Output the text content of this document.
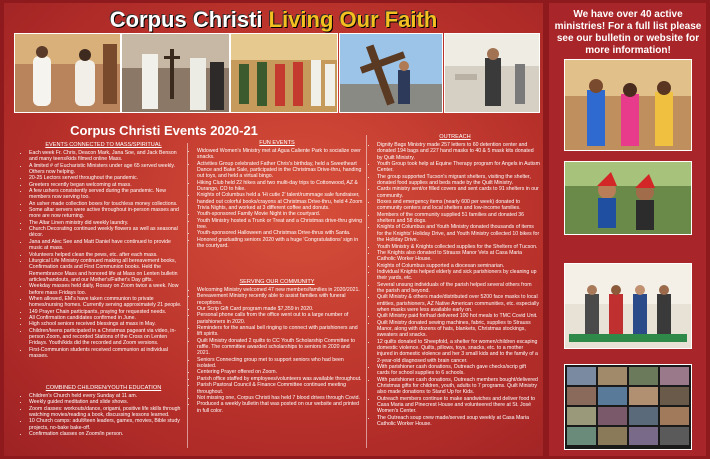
Corpus Christi Living Our Faith
Corpus Christi Events 2020-21
EVENTS CONNECTED TO MASS/SPIRITUAL
• Each week Fr. Chris, Deacon Mark, Jana Soe, and Jack Benson and many teens/kids filmed online Mass.
• A limited # of Eucharistic Ministers under age 65 served weekly. Others now helping.
• 20-25 Lectors served throughout the pandemic.
• Greeters recently began welcoming at mass.
• A few ushers consistently served during the pandemic. New members now serving too.
• An usher made collection boxes for touchless money collections.
• Some altar servers were active throughout in-person masses and more are now returning.
• The Altar Linen ministry did weekly laundry.
• Church Decorating continued weekly flowers as well as seasonal décor.
• Jana and Alec See and Matt Daniel have continued to provide music at mass.
• Volunteers helped clean the pews, etc. after each mass.
• Liturgical Life Ministry continued making all bereavement books, Confirmation cards and First Communion books. Held the Remembrance Mass and honored life at Mass on Lenten bulletin articles/handouts, and our Mother's/Father's Day gifts.
• Weekday masses held daily, Rosary on Zoom twice a week. Now before mass Fridays too.
• When allowed, EM's have taken communion to private homes/nursing homes. Currently serving approximately 21 people.
• 149 Prayer Chain participants, praying for requested needs.
• All Confirmation candidates confirmed in June.
• High school seniors received blessings at mass in May.
• Children/teens participated in a Christmas pageant via video, in-person Zoom, and recorded Stations of the Cross on Lenten Fridays. Youth/kids did the recorded and Zoom versions.
• First-Communion students received communion at individual masses.
COMBINED CHILDREN/YOUTH EDUCATION
• Children's Church held every Sunday at 11 am.
• Weekly guided meditation and slide shows.
• Zoom classes: workouts/dance, origami, positive life skills through watching movies/reading a book, discussing lessons learned.
• 10 Church camps: adult/teen leaders, games, movies, Bible study projects, no-bake bake-off.
• Confirmation classes on Zoom/in person.
FUN EVENTS
• Widowed Women's Ministry met at Agua Caliente Park to socialize over snacks.
• Activities Group celebrated Father Chris's birthday, held a Sweetheart Dance and Bake Sale, participated in the Christmas Drive-thru, handing out toys, and held a virtual bingo.
• Hiking Club held 22 hikes and two multi-day trips to Cottonwood, AZ & Durango, CO to hike.
• Knights of Columbus held a 'Hi cutie 2' talent/rummage sale fundraiser, handed out colorful books/crayons at Christmas Drive-thru, held 4 Zoom Trivia Nights, and worked at 3 different coffee and donuts.
• Youth-sponsored Family Movie Night in the courtyard.
• Youth Ministry hosted a Trunk or Treat and a Christmas drive-thru giving tree.
• Youth-sponsored Halloween and Christmas Drive-thrus with Santa.
• Honored graduating seniors 2020 with a huge 'Congratulations' sign in the courtyard.
SERVING OUR COMMUNITY
• Welcoming Ministry welcomed 47 new members/families in 2020/2021.
• Bereavement Ministry recently able to assist families with funeral receptions.
• Our Scrip Gift Card program made $7,359 in 2020.
• Personal phone calls from the office went out to a large number of parishioners in 2020.
• Reminders for the annual bell ringing to connect with parishioners and lift spirits.
• Quilt Ministry donated 2 quilts to CC Youth Scholarship Committee to raffle. The committee awarded scholarships to seniors in 2020 and 2021.
• Seniors Connecting group met to support seniors who had been isolated.
• Centering Prayer offered on Zoom.
• Parish office staffed by employees/volunteers was available throughout.
• Parish Pastoral Council & Finance Committee continued meeting throughout.
• Not missing one, Corpus Christi has held 7 blood drives through Covid.
• Produced a weekly bulletin that was posted on our website and printed in full color.
OUTREACH
• Dignity Bags Ministry made 257 letters to 60 detention center and donated 194 bags and 227 hand masks to 40 & 5 mask kits donated by Quilt Ministry.
• Youth Group took help at Equine Therapy program for Angels in Autism Center.
• The group supported Tucson's migrant shelters, visiting the shelter, donated food supplies and beds made by the Quilt Ministry.
• Cards ministry sent/or filled covers and sent cards to 91 shelters in our community.
• Boxes and emergency items (nearly 600 per week) donated to community centers and local shelters and low-income families.
• Members of the community supplied 51 families and donated 36 shelters and 58 dogs.
• Knights of Columbus and Youth Ministry donated thousands of items for the Knights' Holiday Drive, and Youth Ministry collected 10 bikes for the Holiday Drive.
• Youth Ministry & Knights collected supplies for the Shelters of Tucson.
• The Knights also donated to Strauss Manor Vets at Casa Maria Catholic Worker House.
• Knights of Columbus supported a diocesan seminarian.
• Individual Knights helped elderly and sick parishioners by cleaning up their yards, etc.
• Several unsung individuals of the parish helped several others from the parish and beyond.
• Quilt Ministry & others made/distributed over 5200 face masks to local entities, parishioners, AZ Native American communities, etc. especially when masks were less available early on.
• Quilt Ministry paid for/had delivered 100 hot meals to TMC Covid Unit.
• Quilt Ministry donated sewing machines, fabric, supplies to Strauss Manor, along with dozens of hats, blankets, Christmas stockings, sweaters and snacks.
• 12 quilts donated to Sheepfold, a shelter for women/children escaping domestic violence. Quilts, pillows, toys, snacks, etc. to a mother injured in domestic violence and her 3 small kids and to the family of a 2-year-old diagnosed with brain cancer.
• With parishioner cash donations, Outreach gave checks/scrip gift cards for school supplies to 6 schools.
• With parishioner cash donations, Outreach members bought/delivered Christmas gifts for children, youth, adults to 7 programs. Quilt Ministry also made donations to Stand Up for Kids.
• Outreach members continue to make sandwiches and deliver food to Casa Maria and Pinecrest House and volunteered there at St. José Women's Center.
• The Outreach soup crew made/served soup weekly at Casa Maria Catholic Worker House.
We have over 40 active ministries! For a full list please see our bulletin or website for more information!
